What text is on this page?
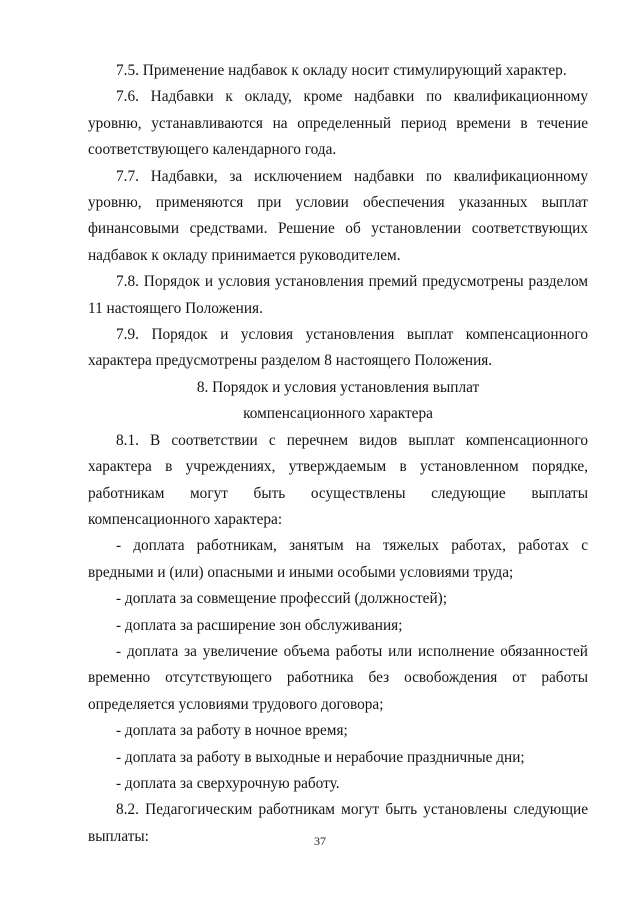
7.5. Применение надбавок к окладу носит стимулирующий характер.

7.6. Надбавки к окладу, кроме надбавки по квалификационному уровню, устанавливаются на определенный период времени в течение соответствующего календарного года.

7.7. Надбавки, за исключением надбавки по квалификационному уровню, применяются при условии обеспечения указанных выплат финансовыми средствами. Решение об установлении соответствующих надбавок к окладу принимается руководителем.

7.8. Порядок и условия установления премий предусмотрены разделом 11 настоящего Положения.

7.9. Порядок и условия установления выплат компенсационного характера предусмотрены разделом 8 настоящего Положения.

8. Порядок и условия установления выплат

компенсационного характера

8.1. В соответствии с перечнем видов выплат компенсационного характера в учреждениях, утверждаемым в установленном порядке, работникам могут быть осуществлены следующие выплаты компенсационного характера:

- доплата работникам, занятым на тяжелых работах, работах с вредными и (или) опасными и иными особыми условиями труда;

- доплата за совмещение профессий (должностей);

- доплата за расширение зон обслуживания;

- доплата за увеличение объема работы или исполнение обязанностей временно отсутствующего работника без освобождения от работы определяется условиями трудового договора;

- доплата за работу в ночное время;

- доплата за работу в выходные и нерабочие праздничные дни;

- доплата за сверхурочную работу.

8.2. Педагогическим работникам могут быть установлены следующие выплаты:	37
